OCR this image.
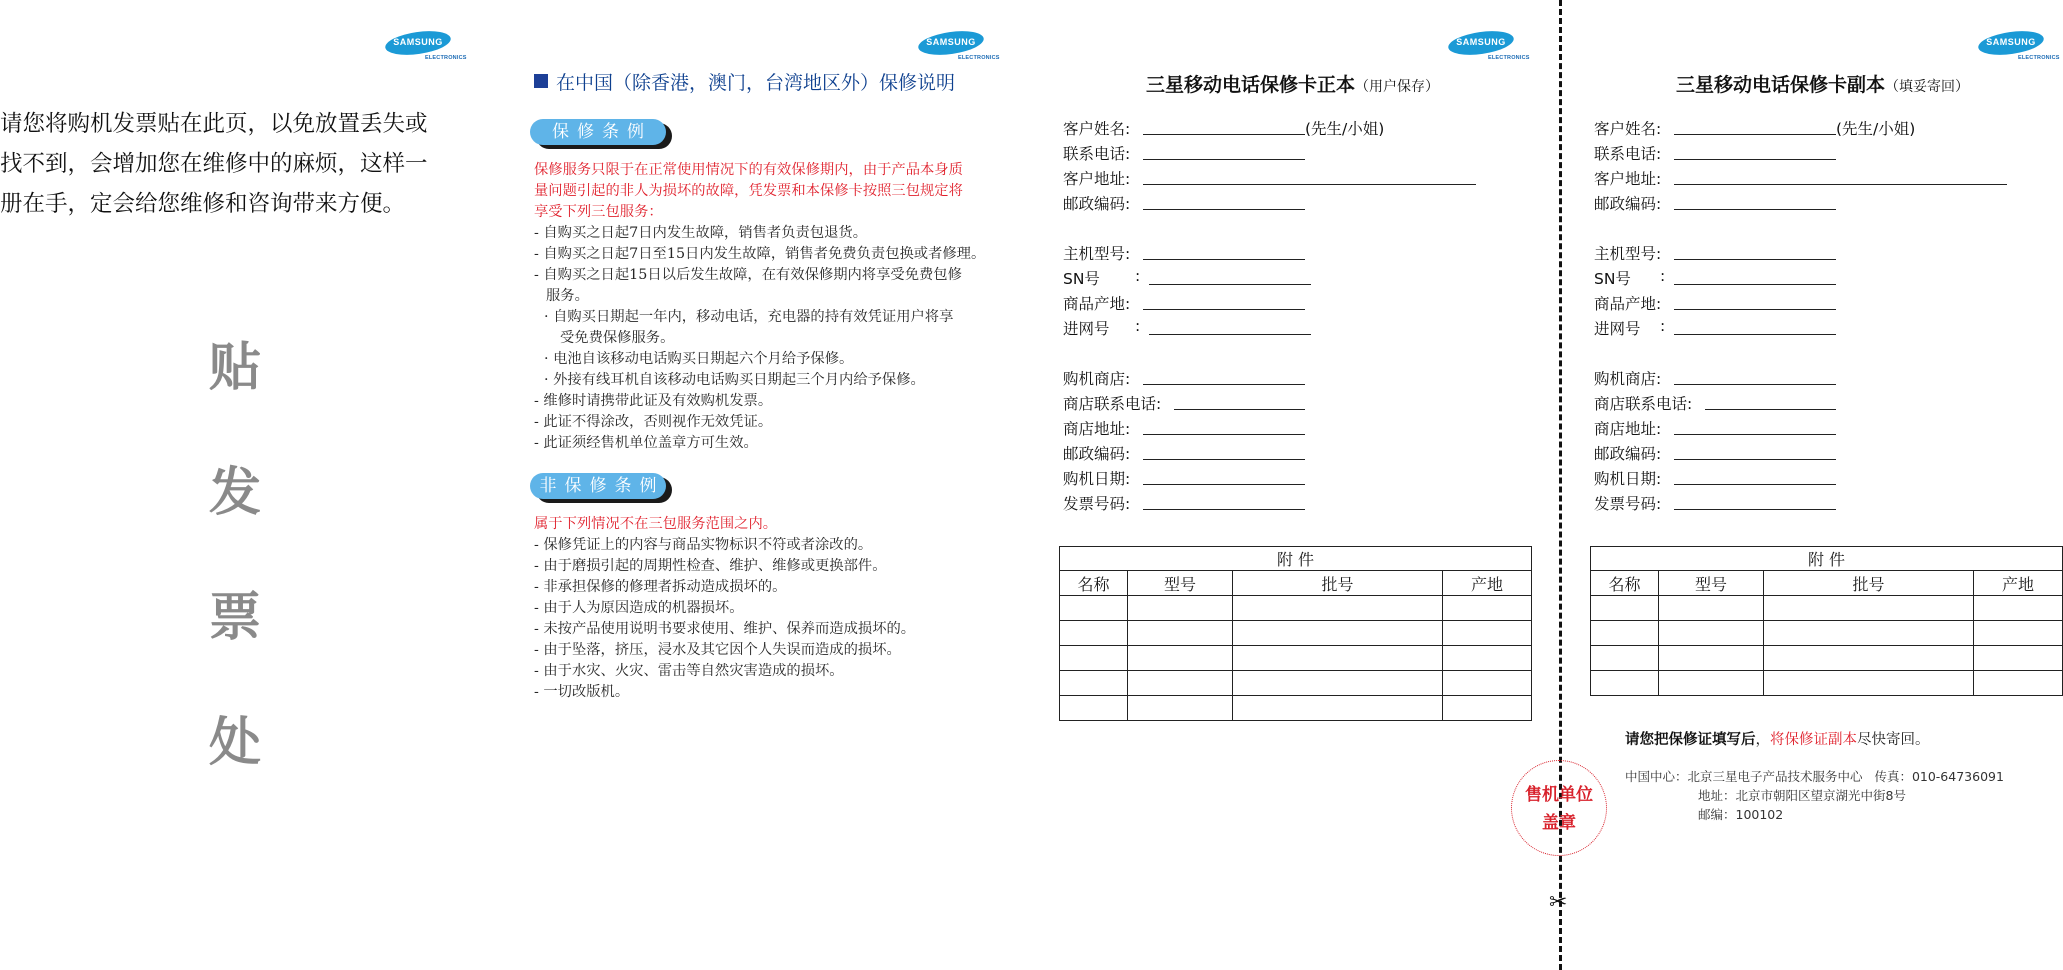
SAMSUNG
ELECTRONICS
请您将购机发票贴在此页，以免放置丢失或
找不到，会增加您在维修中的麻烦，这样一
册在手，定会给您维修和咨询带来方便。
贴
发
票
处
SAMSUNG
ELECTRONICS
在中国（除香港，澳门，台湾地区外）保修说明
保修条例
保修服务只限于在正常使用情况下的有效保修期内，由于产品本身质
量问题引起的非人为损坏的故障，凭发票和本保修卡按照三包规定将
享受下列三包服务：
- 自购买之日起7日内发生故障，销售者负责包退货。
- 自购买之日起7日至15日内发生故障，销售者免费负责包换或者修理。
- 自购买之日起15日以后发生故障，在有效保修期内将享受免费包修
服务。
· 自购买日期起一年内，移动电话，充电器的持有效凭证用户将享
受免费保修服务。
· 电池自该移动电话购买日期起六个月给予保修。
· 外接有线耳机自该移动电话购买日期起三个月内给予保修。
- 维修时请携带此证及有效购机发票。
- 此证不得涂改，否则视作无效凭证。
- 此证须经售机单位盖章方可生效。
非保修条例
属于下列情况不在三包服务范围之内。
- 保修凭证上的内容与商品实物标识不符或者涂改的。
- 由于磨损引起的周期性检查、维护、维修或更换部件。
- 非承担保修的修理者拆动造成损坏的。
- 由于人为原因造成的机器损坏。
- 未按产品使用说明书要求使用、维护、保养而造成损坏的。
- 由于坠落，挤压，浸水及其它因个人失误而造成的损坏。
- 由于水灾、火灾、雷击等自然灾害造成的损坏。
- 一切改版机。
SAMSUNG
ELECTRONICS
三星移动电话保修卡正本（用户保存）
客户姓名:	(先生/小姐)
联系电话:
客户地址:
邮政编码:
主机型号:
SN号 :
商品产地:
进网号 :
购机商店:
商店联系电话:
商店地址:
邮政编码:
购机日期:
发票号码:
附 件			
名称	型号	批号	产地

售机单位
盖章
✂
SAMSUNG
ELECTRONICS
三星移动电话保修卡副本（填妥寄回）
客户姓名:	(先生/小姐)
联系电话:
客户地址:
邮政编码:
主机型号:
SN号 :
商品产地:
进网号 :
购机商店:
商店联系电话:
商店地址:
邮政编码:
购机日期:
发票号码:
附 件			
名称	型号	批号	产地

请您把保修证填写后，将保修证副本尽快寄回。
中国中心：北京三星电子产品技术服务中心 传真：010-64736091
地址：北京市朝阳区望京湖光中街8号
邮编：100102
